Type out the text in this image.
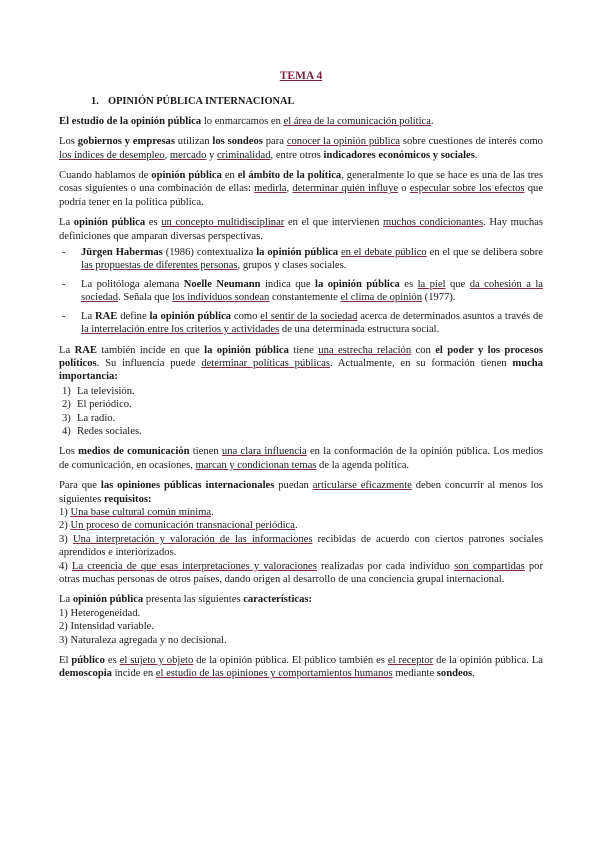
TEMA 4
1. OPINIÓN PÚBLICA INTERNACIONAL

El estudio de la opinión pública lo enmarcamos en el área de la comunicación política.

Los gobiernos y empresas utilizan los sondeos para conocer la opinión pública sobre cuestiones de interés como los índices de desempleo, mercado y criminalidad, entre otros indicadores económicos y sociales.

Cuando hablamos de opinión pública en el ámbito de la política, generalmente lo que se hace es una de las tres cosas siguientes o una combinación de ellas: medirla, determinar quién influye o especular sobre los efectos que podría tener en la política pública.

La opinión pública es un concepto multidisciplinar en el que intervienen muchos condicionantes. Hay muchas definiciones que amparan diversas perspectivas.

- Jürgen Habermas (1986) contextualiza la opinión pública en el debate público en el que se delibera sobre las propuestas de diferentes personas, grupos y clases sociales.
- La politóloga alemana Noelle Neumann indica que la opinión pública es la piel que da cohesión a la sociedad. Señala que los individuos sondean constantemente el clima de opinión (1977).
- La RAE define la opinión pública como el sentir de la sociedad acerca de determinados asuntos a través de la interrelación entre los criterios y actividades de una determinada estructura social.

La RAE también incide en que la opinión pública tiene una estrecha relación con el poder y los procesos políticos. Su influencia puede determinar políticas públicas. Actualmente, en su formación tienen mucha importancia:

1) La televisión.
2) El periódico.
3) La radio.
4) Redes sociales.

Los medios de comunicación tienen una clara influencia en la conformación de la opinión pública. Los medios de comunicación, en ocasiones, marcan y condicionan temas de la agenda política.

Para que las opiniones públicas internacionales puedan articularse eficazmente deben concurrir al menos los siguientes requisitos:

1) Una base cultural común mínima.
2) Un proceso de comunicación transnacional periódica.
3) Una interpretación y valoración de las informaciones recibidas de acuerdo con ciertos patrones sociales aprendidos e interiorizados.
4) La creencia de que esas interpretaciones y valoraciones realizadas por cada individuo son compartidas por otras muchas personas de otros países, dando origen al desarrollo de una conciencia grupal internacional.

La opinión pública presenta las siguientes características:

1) Heterogeneidad.
2) Intensidad variable.
3) Naturaleza agregada y no decisional.

El público es el sujeto y objeto de la opinión pública. El público también es el receptor de la opinión pública. La demoscopia incide en el estudio de las opiniones y comportamientos humanos mediante sondeos.
